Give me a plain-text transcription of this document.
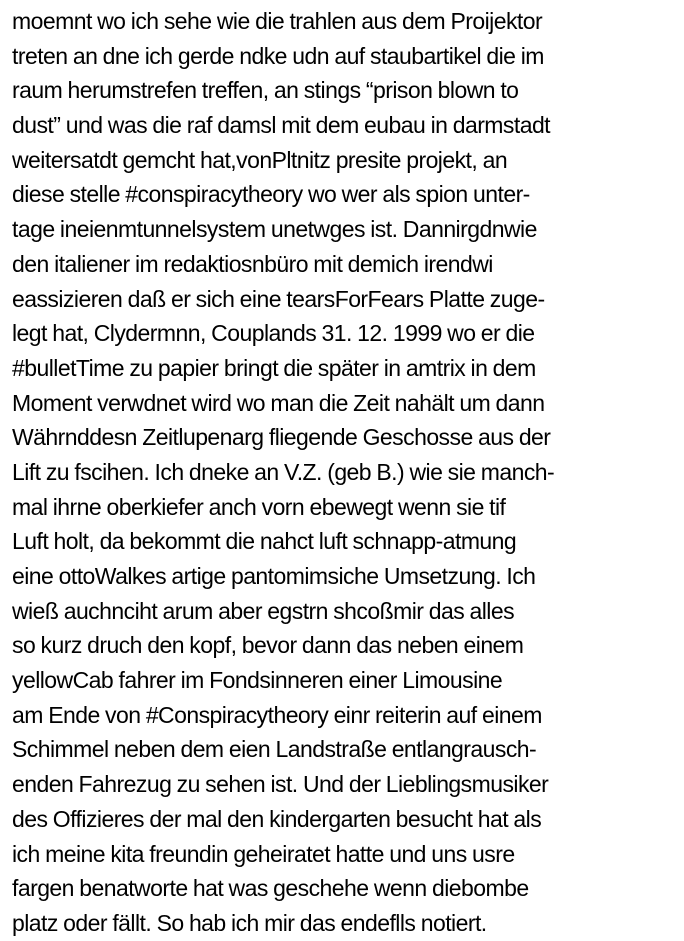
moemnt wo ich sehe wie die trahlen aus dem Proijektor
treten an dne ich gerde ndke udn auf staubartikel die im
raum herumstrefen treffen, an stings “prison blown to
dust” und was die raf damsl mit dem eubau in darmstadt
weitersatdt gemcht hat,vonPltnitz presite projekt, an
diese stelle #conspiracytheory wo wer als spion unter-
tage ineienmtunnelsystem unetwges ist. Dannirgdnwie
den italiener im redaktiosnbüro mit demich irendwi
eassizieren daß er sich eine tearsForFears Platte zuge-
legt hat, Clydermnn, Couplands 31. 12. 1999 wo er die
#bulletTime zu papier bringt die später in amtrix in dem
Moment verwdnet wird wo man die Zeit nahält um dann
Währnddesn Zeitlupenarg fliegende Geschosse aus der
Lift zu fscihen. Ich dneke an V.Z. (geb B.) wie sie manch-
mal ihrne oberkiefer anch vorn ebewegt wenn sie tif
Luft holt, da bekommt die nahct luft schnapp-atmung
eine ottoWalkes artige pantomimsiche Umsetzung. Ich
wieß auchnciht arum aber egstrn shcoßmir das alles
so kurz druch den kopf, bevor dann das neben einem
yellowCab fahrer im Fondsinneren einer Limousine
am Ende von #Conspiracytheory einr reiterin auf einem
Schimmel neben dem eien Landstraße entlangrausch-
enden Fahrezug zu sehen ist. Und der Lieblingsmusiker
des Offizieres der mal den kindergarten besucht hat als
ich meine kita freundin geheiratet hatte und uns usre
fargen benatworte hat was geschehe wenn diebombe
platz oder fällt. So hab ich mir das endeflls notiert.
